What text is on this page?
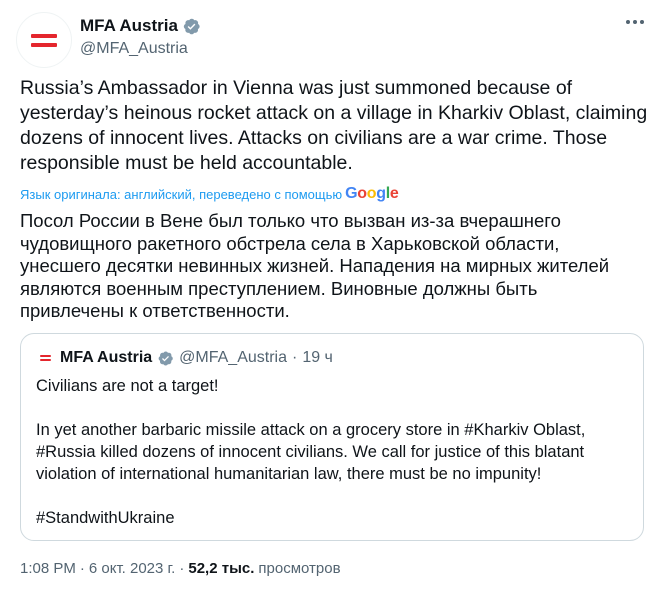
MFA Austria
@MFA_Austria
Russia’s Ambassador in Vienna was just summoned because of
yesterday’s heinous rocket attack on a village in Kharkiv Oblast, claiming
dozens of innocent lives. Attacks on civilians are a war crime. Those
responsible must be held accountable.
Язык оригинала: английский, переведено с помощью Google
Посол России в Вене был только что вызван из-за вчерашнего
чудовищного ракетного обстрела села в Харьковской области,
унесшего десятки невинных жизней. Нападения на мирных жителей
являются военным преступлением. Виновные должны быть
привлечены к ответственности.
MFA Austria @MFA_Austria · 19 ч

Civilians are not a target!

In yet another barbaric missile attack on a grocery store in #Kharkiv Oblast, #Russia killed dozens of innocent civilians. We call for justice of this blatant violation of international humanitarian law, there must be no impunity!

#StandwithUkraine

1:08 PM · 6 окт. 2023 г. · 52,2 тыс. просмотров
